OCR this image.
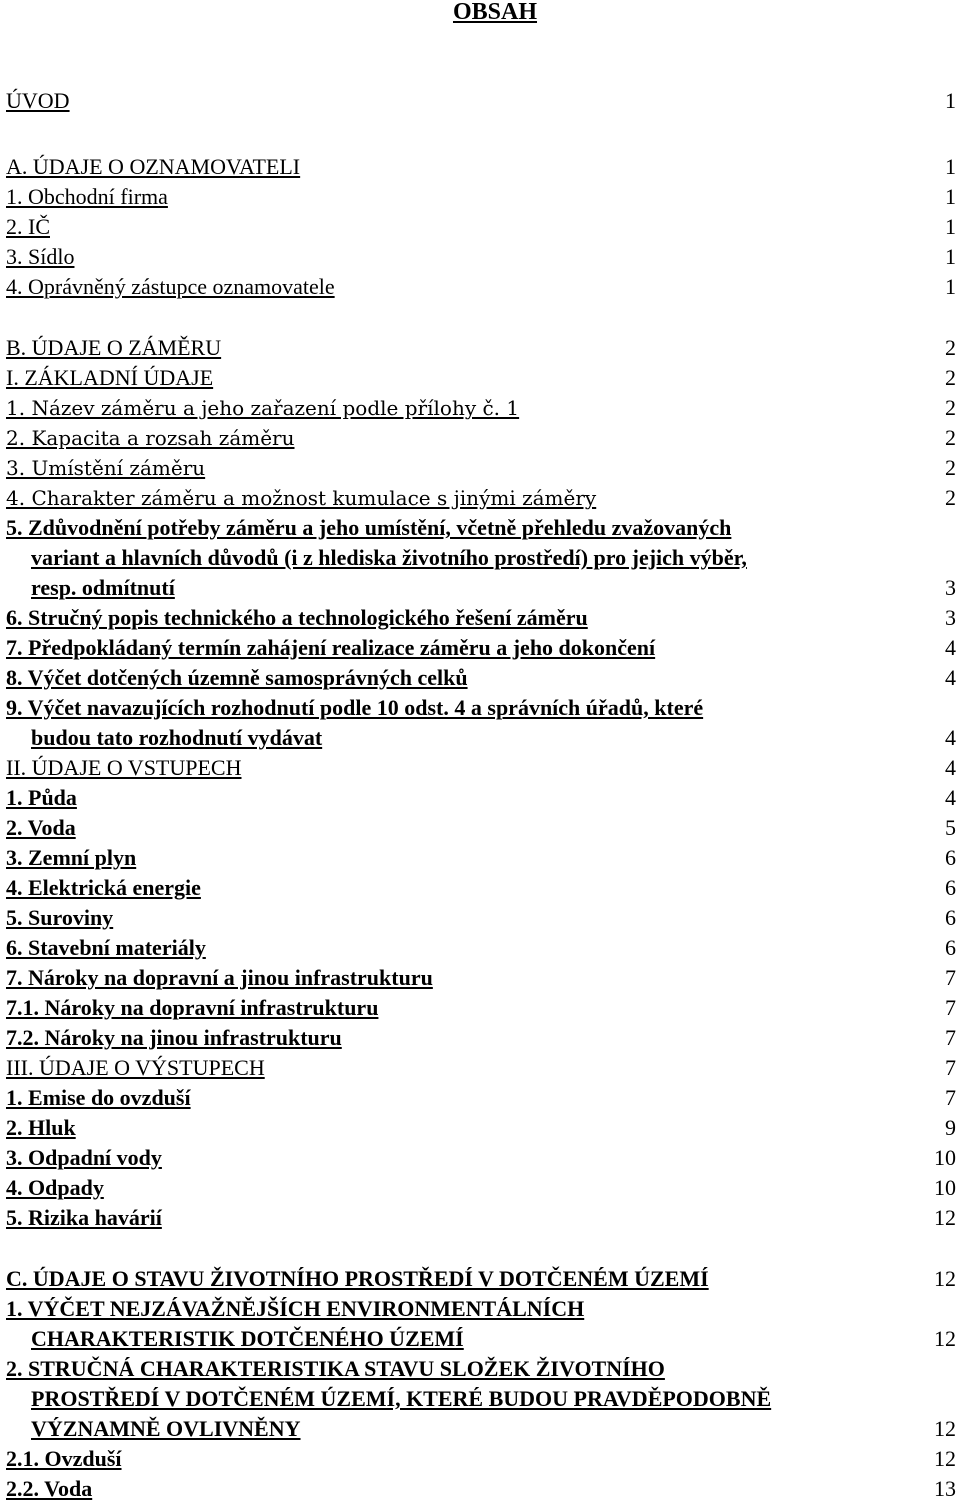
OBSAH
ÚVOD	1
A. ÚDAJE O OZNAMOVATELI	1
1. Obchodní firma	1
2. IČ	1
3. Sídlo	1
4. Oprávněný zástupce oznamovatele	1
B. ÚDAJE O ZÁMĚRU	2
I. ZÁKLADNÍ ÚDAJE	2
1. Název záměru a jeho zařazení podle přílohy č. 1	2
2. Kapacita a rozsah záměru	2
3. Umístění záměru	2
4. Charakter záměru a možnost kumulace s jinými záměry	2
5. Zdůvodnění potřeby záměru a jeho umístění, včetně přehledu zvažovaných
variant a hlavních důvodů (i z hlediska životního prostředí) pro jejich výběr,
resp. odmítnutí	3
6. Stručný popis technického a technologického řešení záměru	3
7. Předpokládaný termín zahájení realizace záměru a jeho dokončení	4
8. Výčet dotčených územně samosprávných celků	4
9. Výčet navazujících rozhodnutí podle 10 odst. 4 a správních úřadů, které
budou tato rozhodnutí vydávat	4
II. ÚDAJE O VSTUPECH	4
1. Půda	4
2. Voda	5
3. Zemní plyn	6
4. Elektrická energie	6
5. Suroviny	6
6. Stavební materiály	6
7. Nároky na dopravní a jinou infrastrukturu	7
7.1. Nároky na dopravní infrastrukturu	7
7.2. Nároky na jinou infrastrukturu	7
III. ÚDAJE O VÝSTUPECH	7
1. Emise do ovzduší	7
2. Hluk	9
3. Odpadní vody	10
4. Odpady	10
5. Rizika havárií	12
C. ÚDAJE O STAVU ŽIVOTNÍHO PROSTŘEDÍ V DOTČENÉM ÚZEMÍ	12
1. VÝČET NEJZÁVAŽNĚJŠÍCH ENVIRONMENTÁLNÍCH
CHARAKTERISTIK DOTČENÉHO ÚZEMÍ	12
2. STRUČNÁ CHARAKTERISTIKA STAVU SLOŽEK ŽIVOTNÍHO
PROSTŘEDÍ V DOTČENÉM ÚZEMÍ, KTERÉ BUDOU PRAVDĚPODOBNĚ
VÝZNAMNĚ OVLIVNĚNY	12
2.1. Ovzduší	12
2.2. Voda	13
